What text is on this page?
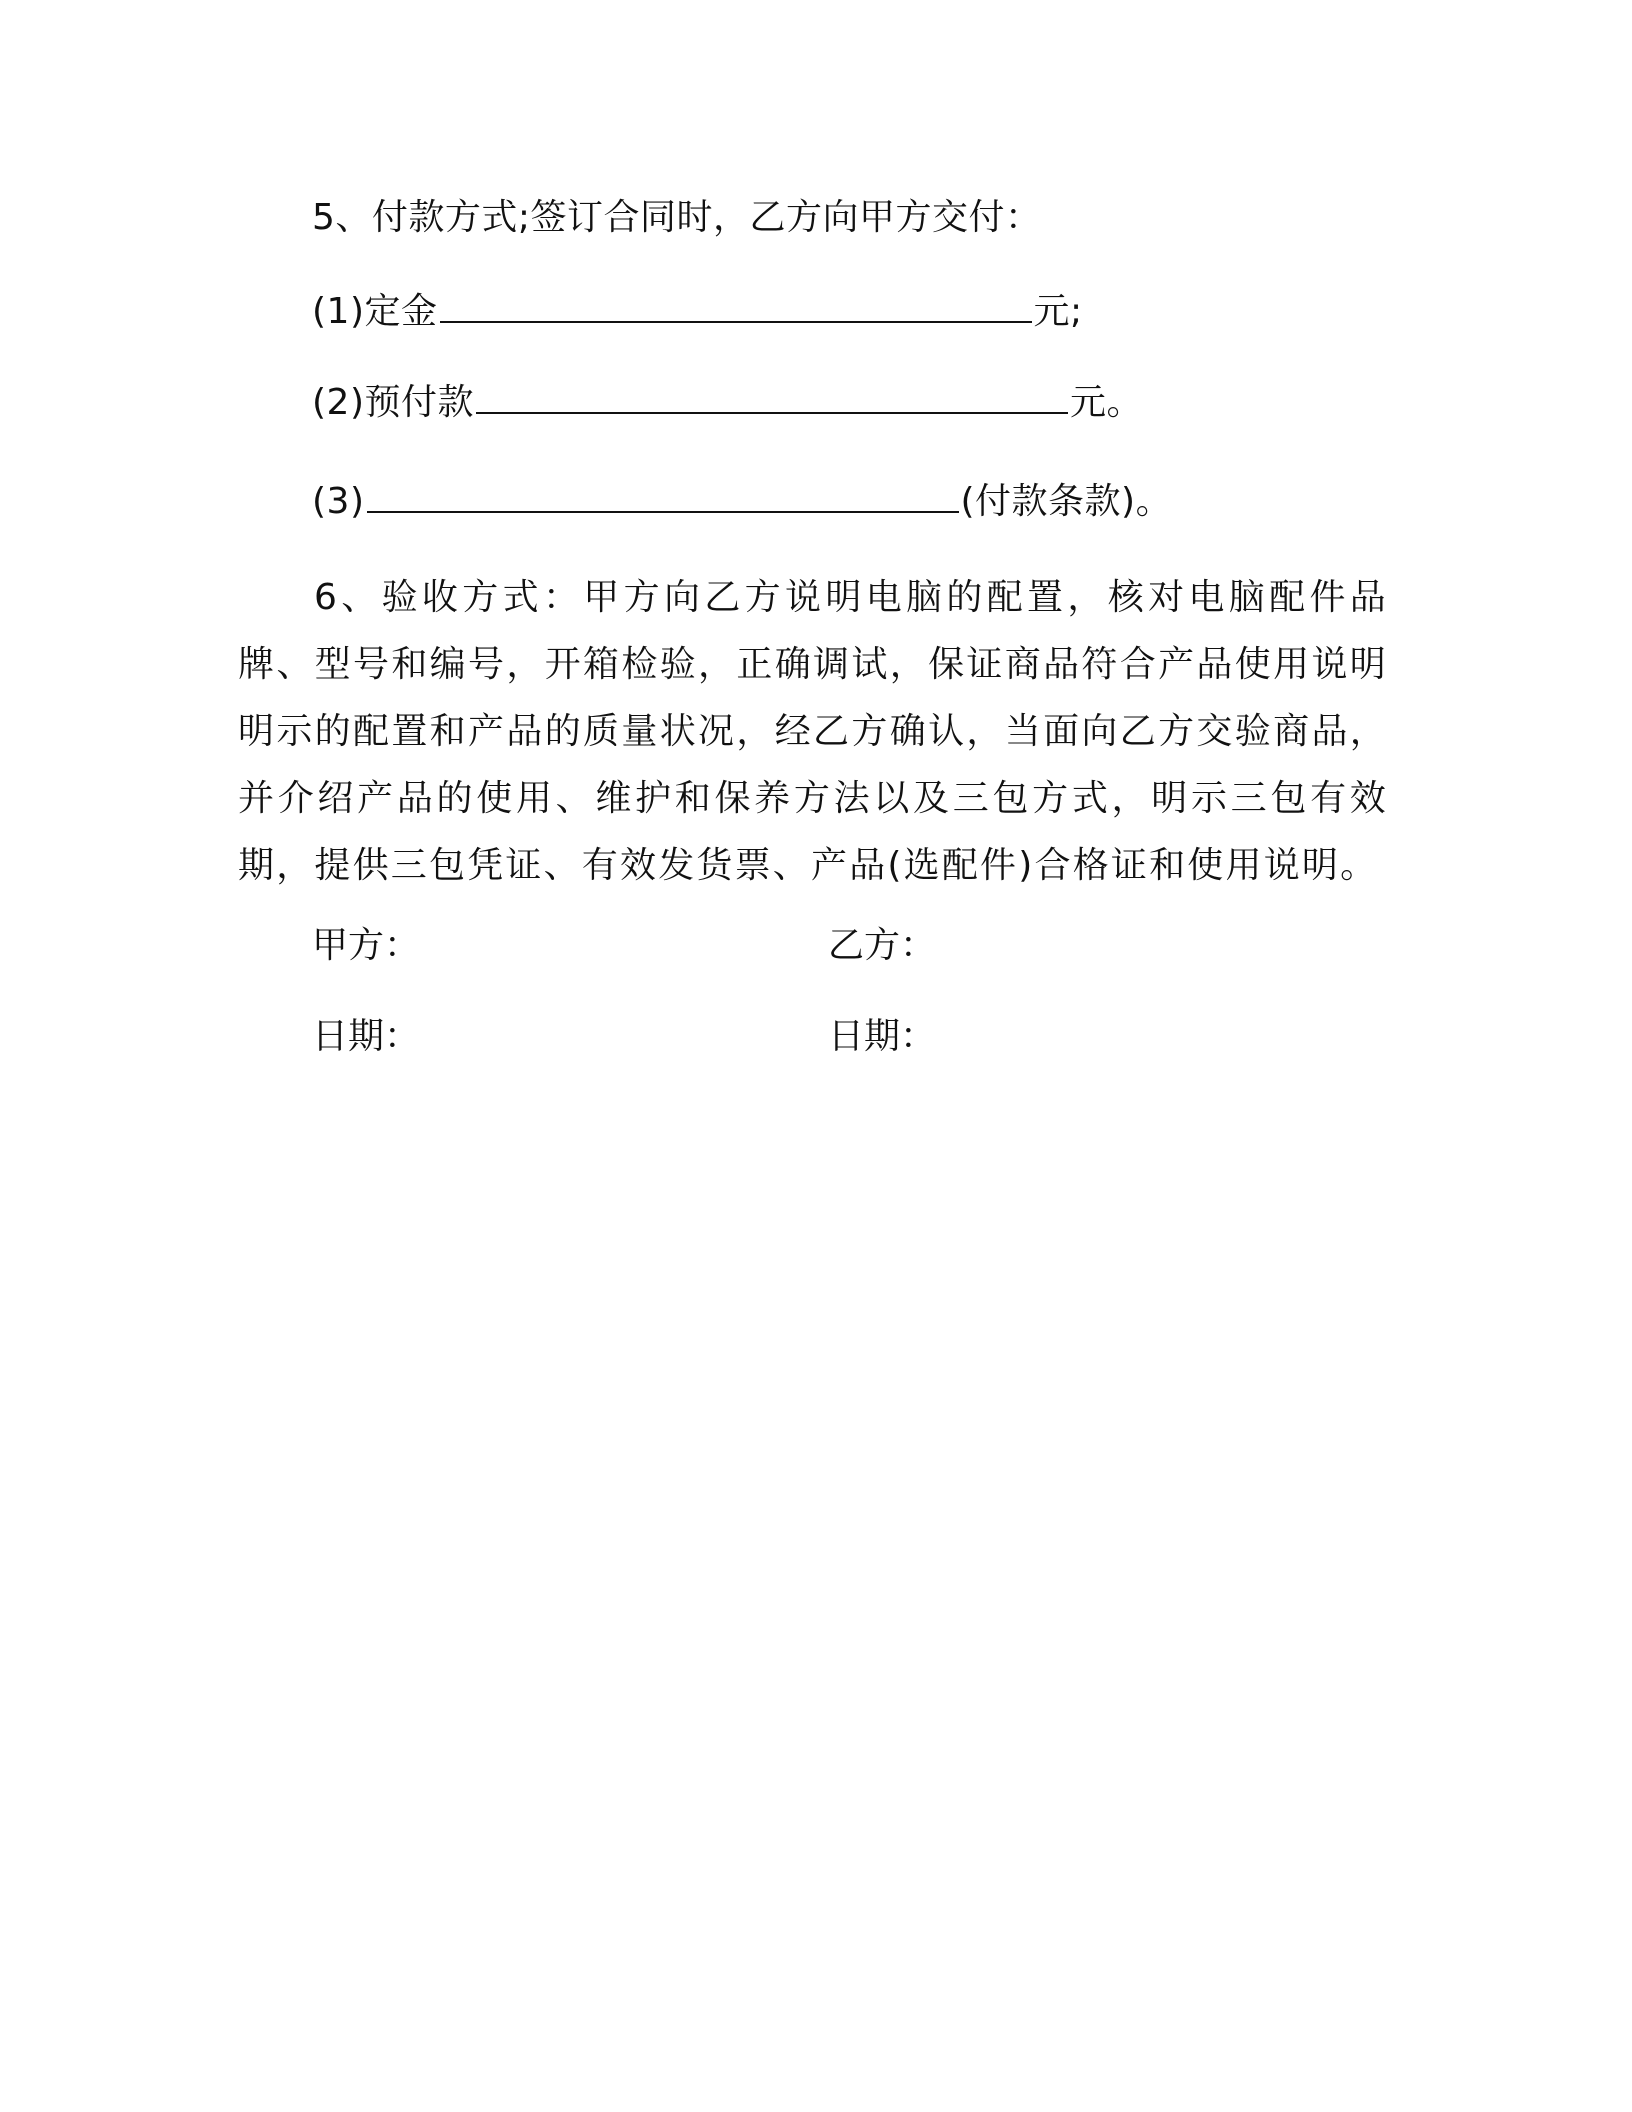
5、付款方式;签订合同时，乙方向甲方交付：
(1)定金	元;
(2)预付款	元。
(3)	(付款条款)。
6、验收方式：甲方向乙方说明电脑的配置，核对电脑配件品牌、型号和编号，开箱检验，正确调试，保证商品符合产品使用说明明示的配置和产品的质量状况，经乙方确认，当面向乙方交验商品，并介绍产品的使用、维护和保养方法以及三包方式，明示三包有效期，提供三包凭证、有效发货票、产品(选配件)合格证和使用说明。
甲方：	乙方：
日期：	日期：
